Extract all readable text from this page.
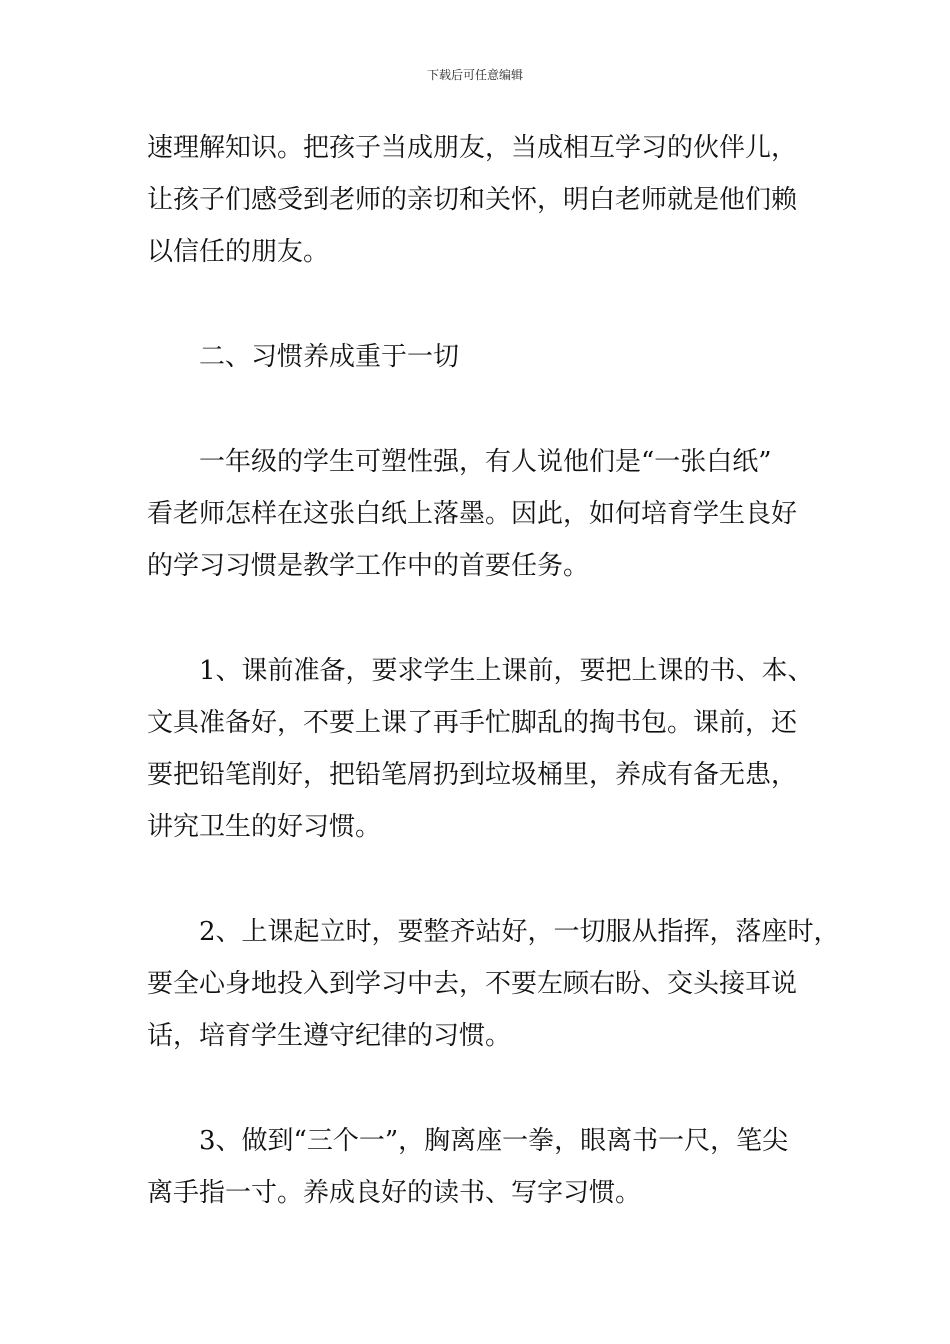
下载后可任意编辑

速理解知识。把孩子当成朋友，当成相互学习的伙伴儿，
让孩子们感受到老师的亲切和关怀，明白老师就是他们赖
以信任的朋友。

二、习惯养成重于一切

一年级的学生可塑性强，有人说他们是“一张白纸”
看老师怎样在这张白纸上落墨。因此，如何培育学生良好
的学习习惯是教学工作中的首要任务。

1、课前准备，要求学生上课前，要把上课的书、本、
文具准备好，不要上课了再手忙脚乱的掏书包。课前，还
要把铅笔削好，把铅笔屑扔到垃圾桶里，养成有备无患，
讲究卫生的好习惯。

2、上课起立时，要整齐站好，一切服从指挥，落座时，
要全心身地投入到学习中去，不要左顾右盼、交头接耳说
话，培育学生遵守纪律的习惯。

3、做到“三个一”，胸离座一拳，眼离书一尺，笔尖
离手指一寸。养成良好的读书、写字习惯。
